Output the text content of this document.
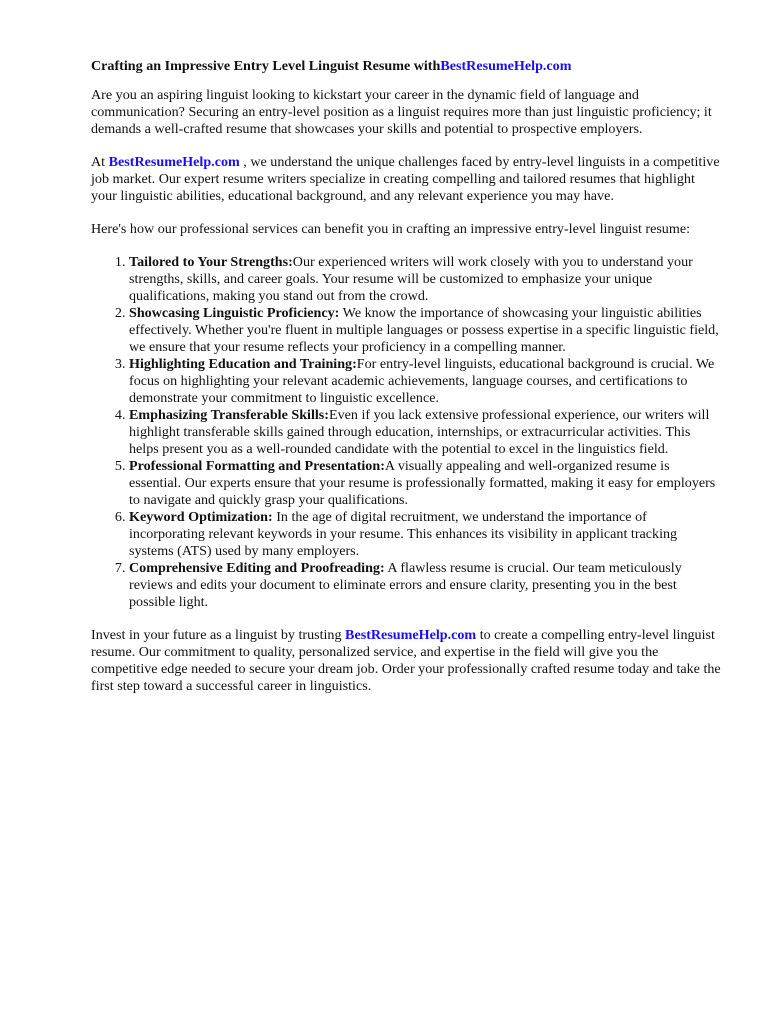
Crafting an Impressive Entry Level Linguist Resume withBestResumeHelp.com

Are you an aspiring linguist looking to kickstart your career in the dynamic field of language and communication? Securing an entry-level position as a linguist requires more than just linguistic proficiency; it demands a well-crafted resume that showcases your skills and potential to prospective employers.

At BestResumeHelp.com , we understand the unique challenges faced by entry-level linguists in a competitive job market. Our expert resume writers specialize in creating compelling and tailored resumes that highlight your linguistic abilities, educational background, and any relevant experience you may have.

Here's how our professional services can benefit you in crafting an impressive entry-level linguist resume:

1. Tailored to Your Strengths:Our experienced writers will work closely with you to understand your strengths, skills, and career goals. Your resume will be customized to emphasize your unique qualifications, making you stand out from the crowd.
2. Showcasing Linguistic Proficiency: We know the importance of showcasing your linguistic abilities effectively. Whether you're fluent in multiple languages or possess expertise in a specific linguistic field, we ensure that your resume reflects your proficiency in a compelling manner.
3. Highlighting Education and Training:For entry-level linguists, educational background is crucial. We focus on highlighting your relevant academic achievements, language courses, and certifications to demonstrate your commitment to linguistic excellence.
4. Emphasizing Transferable Skills:Even if you lack extensive professional experience, our writers will highlight transferable skills gained through education, internships, or extracurricular activities. This helps present you as a well-rounded candidate with the potential to excel in the linguistics field.
5. Professional Formatting and Presentation:A visually appealing and well-organized resume is essential. Our experts ensure that your resume is professionally formatted, making it easy for employers to navigate and quickly grasp your qualifications.
6. Keyword Optimization: In the age of digital recruitment, we understand the importance of incorporating relevant keywords in your resume. This enhances its visibility in applicant tracking systems (ATS) used by many employers.
7. Comprehensive Editing and Proofreading: A flawless resume is crucial. Our team meticulously reviews and edits your document to eliminate errors and ensure clarity, presenting you in the best possible light.

Invest in your future as a linguist by trusting BestResumeHelp.com to create a compelling entry-level linguist resume. Our commitment to quality, personalized service, and expertise in the field will give you the competitive edge needed to secure your dream job. Order your professionally crafted resume today and take the first step toward a successful career in linguistics.
